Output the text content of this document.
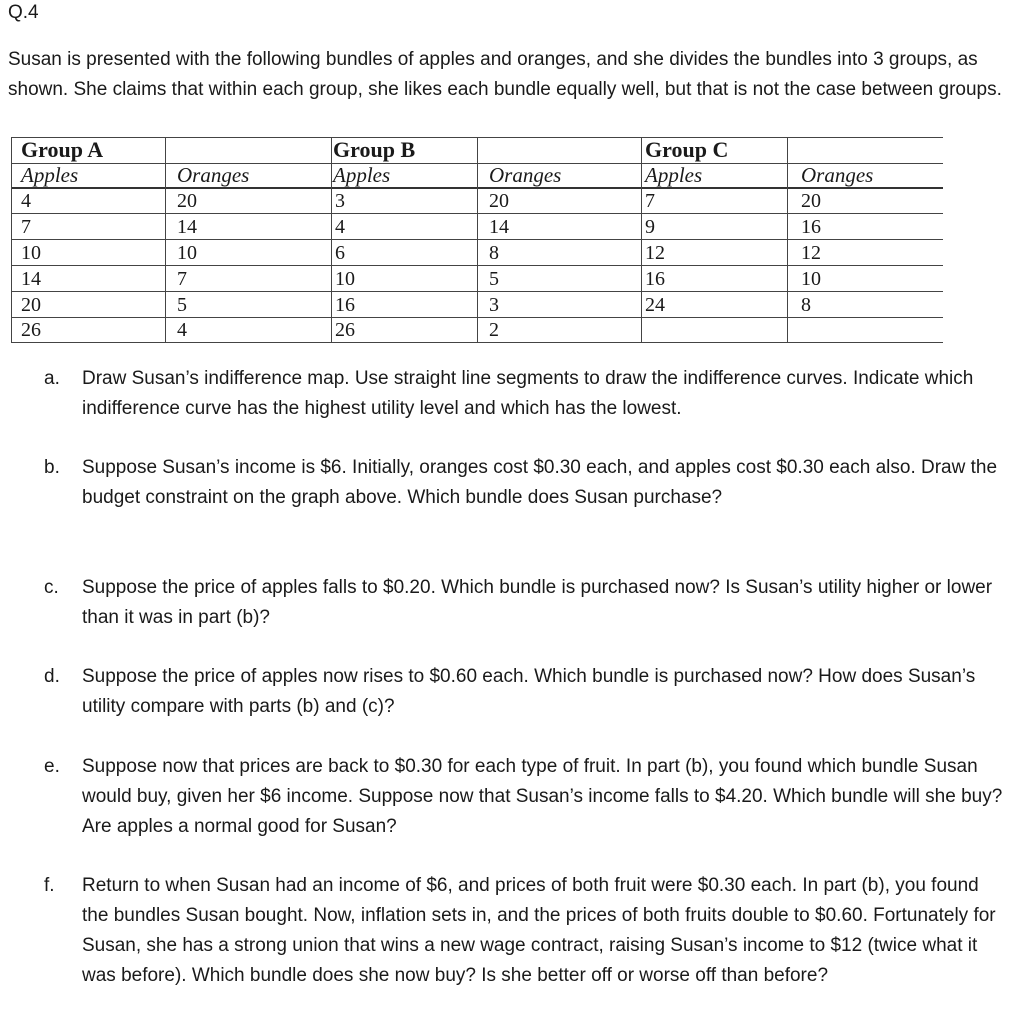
Q.4
Susan is presented with the following bundles of apples and oranges, and she divides the bundles into 3 groups, as shown. She claims that within each group, she likes each bundle equally well, but that is not the case between groups.
Group A
Apples	Oranges
4	20
7	14
10	10
14	7
20	5
26	4
Group B
Apples	Oranges
3	20
4	14
6	8
10	5
16	3
26	2
Group C
Apples	Oranges
7	20
9	16
12	12
16	10
24	8
a. Draw Susan’s indifference map. Use straight line segments to draw the indifference curves. Indicate which indifference curve has the highest utility level and which has the lowest.
b. Suppose Susan’s income is $6. Initially, oranges cost $0.30 each, and apples cost $0.30 each also. Draw the budget constraint on the graph above. Which bundle does Susan purchase?
c. Suppose the price of apples falls to $0.20. Which bundle is purchased now? Is Susan’s utility higher or lower than it was in part (b)?
d. Suppose the price of apples now rises to $0.60 each. Which bundle is purchased now? How does Susan’s utility compare with parts (b) and (c)?
e. Suppose now that prices are back to $0.30 for each type of fruit. In part (b), you found which bundle Susan would buy, given her $6 income. Suppose now that Susan’s income falls to $4.20. Which bundle will she buy? Are apples a normal good for Susan?
f. Return to when Susan had an income of $6, and prices of both fruit were $0.30 each. In part (b), you found the bundles Susan bought. Now, inflation sets in, and the prices of both fruits double to $0.60. Fortunately for Susan, she has a strong union that wins a new wage contract, raising Susan’s income to $12 (twice what it was before). Which bundle does she now buy? Is she better off or worse off than before?
